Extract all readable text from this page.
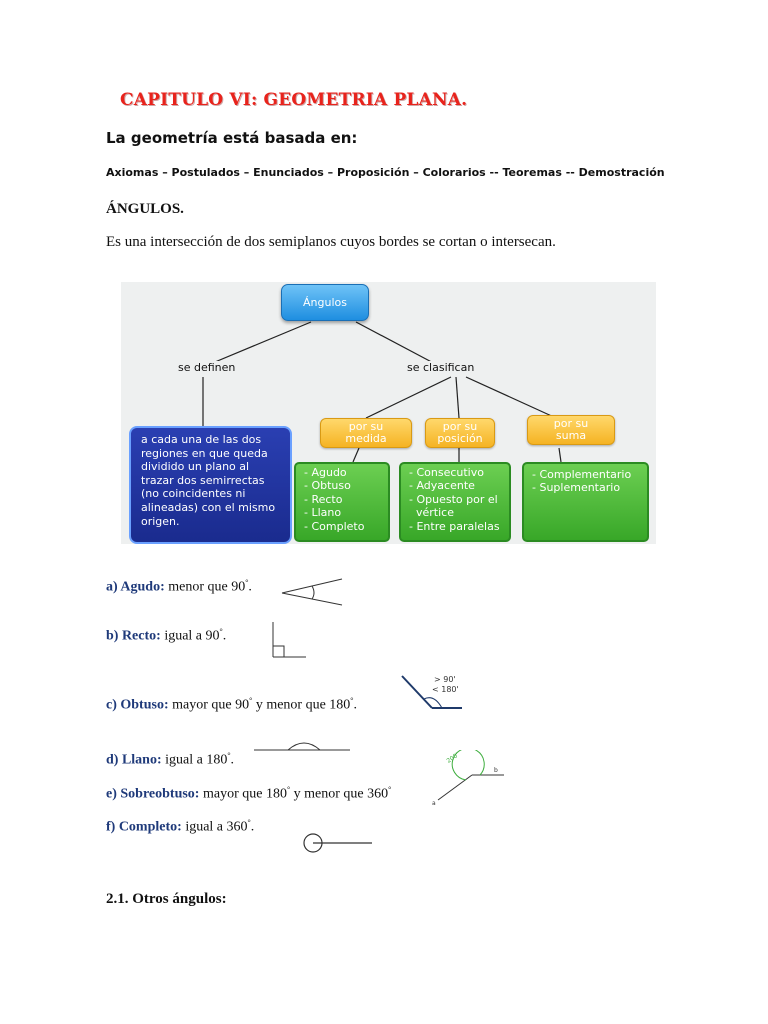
CAPITULO VI: GEOMETRIA PLANA.
La geometría está basada en:
Axiomas – Postulados – Enunciados – Proposición – Colorarios -- Teoremas -- Demostración
ÁNGULOS.
Es una intersección de dos semiplanos cuyos bordes se cortan o intersecan.
Ángulos
se definen	se clasifican
a cada una de las dos
regiones en que queda
dividido un plano al
trazar dos semirrectas
(no coincidentes ni
alineadas) con el mismo
origen.
por su
medida
por su
posición
por su
suma
- Agudo
- Obtuso
- Recto
- Llano
- Completo
- Consecutivo
- Adyacente
- Opuesto por el
vértice
- Entre paralelas
- Complementario
- Suplementario
a) Agudo: menor que 90°.
b) Recto: igual a 90°.
c) Obtuso: mayor que 90° y menor que 180°.
d) Llano: igual a 180°.
e) Sobreobtuso: mayor que 180° y menor que 360°
f) Completo: igual a 360°.
> 90'
< 180'
200'
a
b
2.1. Otros ángulos:
